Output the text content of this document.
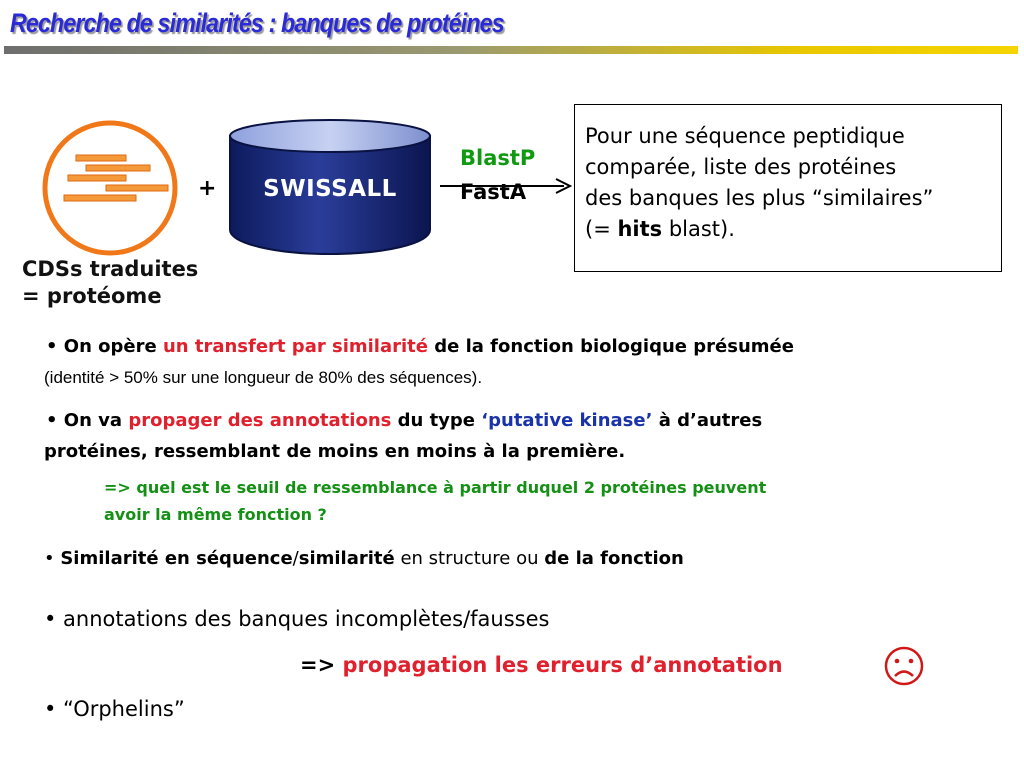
Recherche de similarités : banques de protéines
CDSs traduites
= protéome
+	SWISSALL
BlastP
FastA
Pour une séquence peptidique
comparée, liste des protéines
des banques les plus “similaires”
(= hits blast).
• On opère un transfert par similarité de la fonction biologique présumée
(identité > 50% sur une longueur de 80% des séquences).
• On va propager des annotations du type ‘putative kinase’ à d’autres
protéines, ressemblant de moins en moins à la première.
=> quel est le seuil de ressemblance à partir duquel 2 protéines peuvent
avoir la même fonction ?
• Similarité en séquence/similarité en structure ou de la fonction
• annotations des banques incomplètes/fausses
=> propagation les erreurs d’annotation
• “Orphelins”
